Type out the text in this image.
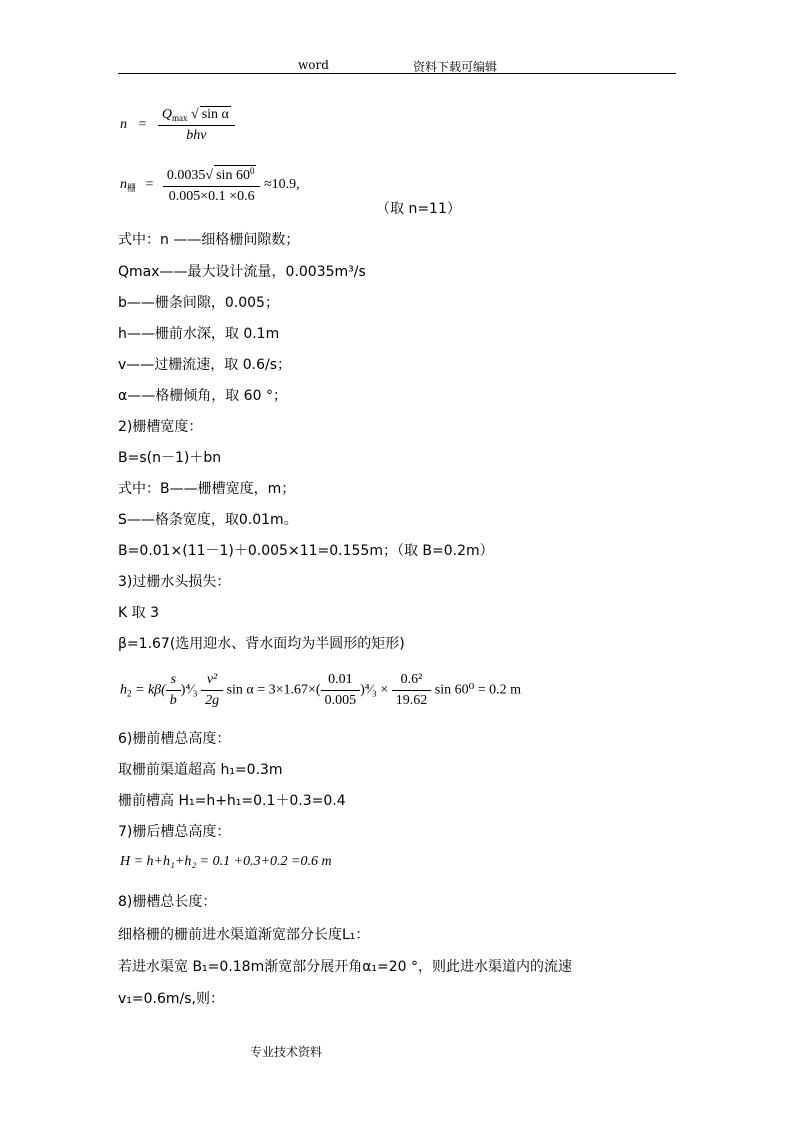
word	资料下载可编辑
$n = \frac{Q_{max} √ \sin \alpha}{\text{bhv}}$
$n_栅 = \frac{0.0035√ \sin 60^0}{0.005\times 0.1 \times 0.6} \approx 10.9$,
（取 n=11）
式中：n ——细格栅间隙数；
Qmax——最大设计流量，0.0035m³/s
b——栅条间隙，0.005；
h——栅前水深，取 0.1m
v——过栅流速，取 0.6/s；
α——格栅倾角，取 60 °；
2)栅槽宽度：
B=s(n－1)＋bn
式中：B——栅槽宽度，m；
S——格条宽度，取0.01m。
B=0.01×(11－1)＋0.005×11=0.155m；（取 B=0.2m）
3)过栅水头损失：
K 取 3
β=1.67(选用迎水、背水面均为半圆形的矩形)
$h_2 = k\beta( \frac{s}{b}$ )⁴⁄₃ $\frac{\text{v²}}{2g}$ $\sin \alpha = 3\times 1.67\times( \frac{0.01}{0.005}$ )⁴⁄₃ × $\frac{\text{0.6²}}{19.62}$ sin 60⁰ = 0.2 m
6)栅前槽总高度：
取栅前渠道超高 h₁=0.3m
栅前槽高 H₁=h+h₁=0.1＋0.3=0.4
7)栅后槽总高度：
H = h+h₁+h₂ = 0.1 +0.3+0.2 =0.6 m
8)栅槽总长度：
细格栅的栅前进水渠道渐宽部分长度L₁：
若进水渠宽 B₁=0.18m渐宽部分展开角α₁=20 °，则此进水渠道内的流速
v₁=0.6m/s,则：
专业技术资料
